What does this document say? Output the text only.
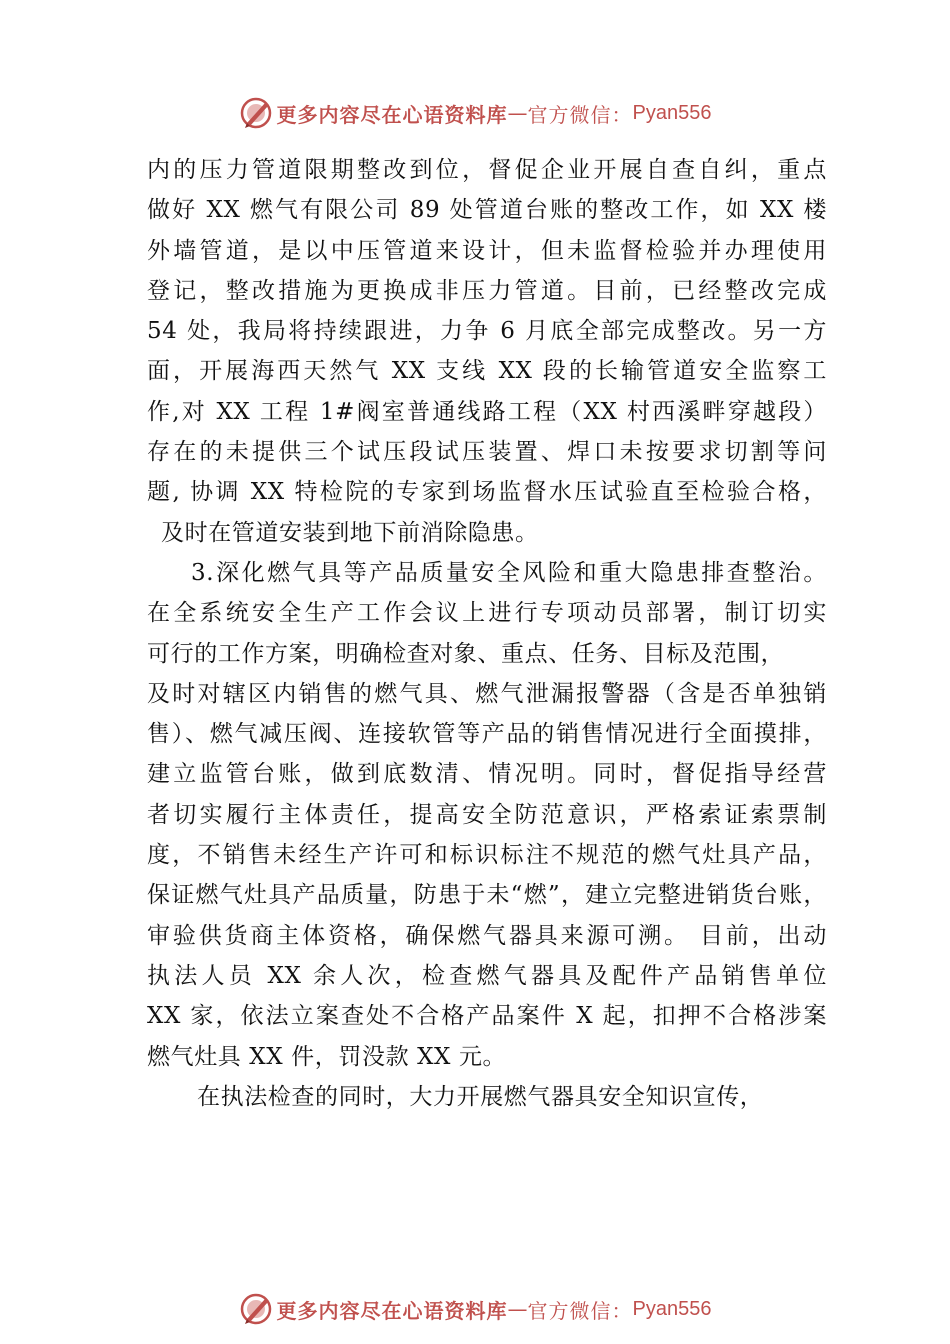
更多内容尽在心语资料库 — 官方微信： Pyan556
内的压力管道限期整改到位，督促企业开展自查自纠，重点
做好 XX 燃气有限公司 89 处管道台账的整改工作，如 XX 楼
外墙管道，是以中压管道来设计，但未监督检验并办理使用
登记，整改措施为更换成非压力管道。目前，已经整改完成
54 处，我局将持续跟进，力争 6 月底全部完成整改。另一方
面，开展海西天然气 XX 支线 XX 段的长输管道安全监察工
作,对 XX 工程 1#阀室普通线路工程（XX 村西溪畔穿越段）
存在的未提供三个试压段试压装置、焊口未按要求切割等问
题, 协调 XX 特检院的专家到场监督水压试验直至检验合格，
及时在管道安装到地下前消除隐患。
3.深化燃气具等产品质量安全风险和重大隐患排查整治。
在全系统安全生产工作会议上进行专项动员部署，制订切实
可行的工作方案，明确检查对象、重点、任务、目标及范围，
及时对辖区内销售的燃气具、燃气泄漏报警器（含是否单独销
售）、燃气减压阀、连接软管等产品的销售情况进行全面摸排，
建立监管台账，做到底数清、情况明。同时，督促指导经营
者切实履行主体责任，提高安全防范意识，严格索证索票制
度，不销售未经生产许可和标识标注不规范的燃气灶具产品，
保证燃气灶具产品质量，防患于未“燃”，建立完整进销货台账，
审验供货商主体资格，确保燃气器具来源可溯。 目前，出动
执法人员 XX 余人次，检查燃气器具及配件产品销售单位
XX 家，依法立案查处不合格产品案件 X 起，扣押不合格涉案
燃气灶具 XX 件，罚没款 XX 元。
在执法检查的同时，大力开展燃气器具安全知识宣传，
更多内容尽在心语资料库 — 官方微信： Pyan556
